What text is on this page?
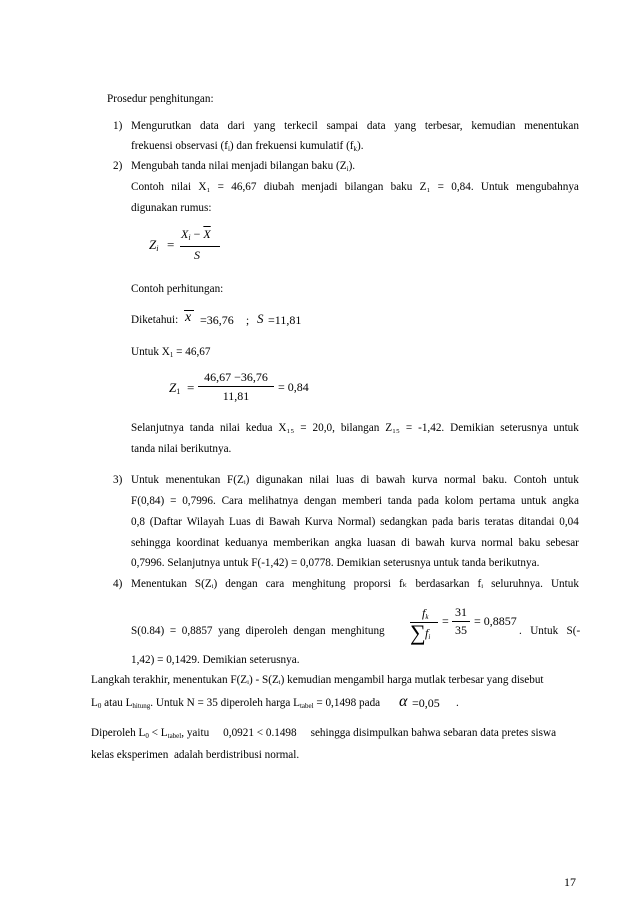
Prosedur penghitungan:
1) Mengurutkan data dari yang terkecil sampai data yang terbesar, kemudian menentukan
frekuensi observasi $(f_i)$ dan frekuensi kumulatif $(f_k)$.
2) Mengubah tanda nilai menjadi bilangan baku $(Z_i)$.
Contoh nilai X₁ = 46,67 diubah menjadi bilangan baku Z₁ = 0,84. Untuk mengubahnya
digunakan rumus:
$Z_i$ =
$X_i - \overline{X}$
S
Contoh perhitungan:
Diketahui: x =36,76 ; S =11,81
Untuk $X_1 = 46,67$
$Z_1$ =
46,67 −36,76
11,81
= 0,84
Selanjutnya tanda nilai kedua X₁₅ = 20,0, bilangan Z₁₅ = -1,42. Demikian seterusnya untuk
tanda nilai berikutnya.
3) Untuk menentukan F(Zᵢ) digunakan nilai luas di bawah kurva normal baku. Contoh untuk
F(0,84) = 0,7996. Cara melihatnya dengan memberi tanda pada kolom pertama untuk angka
0,8 (Daftar Wilayah Luas di Bawah Kurva Normal) sedangkan pada baris teratas ditandai 0,04
sehingga koordinat keduanya memberikan angka luasan di bawah kurva normal baku sebesar
0,7996. Selanjutnya untuk F(-1,42) = 0,0778. Demikian seterusnya untuk tanda berikutnya.
4) Menentukan S(Zᵢ) dengan cara menghitung proporsi fₖ berdasarkan fᵢ seluruhnya. Untuk
S(0.84)  =  0,8857  yang  diperoleh  dengan  menghitung
$f_k$
∑ $f_i$
=
31
35
= 0,8857
.   Untuk   S(-
1,42) = 0,1429. Demikian seterusnya.
Langkah terakhir, menentukan F(Zᵢ) - S(Zᵢ) kemudian mengambil harga mutlak terbesar yang disebut
$L_0$ atau $L_{hitung}$. Untuk N = 35 diperoleh harga $L_{tabel} = 0,1498$ pada α =0,05 .
Diperoleh $L_0 < L_{tabel}$, yaitu     0,0921 < 0.1498     sehingga disimpulkan bahwa sebaran data pretes siswa
kelas eksperimen  adalah berdistribusi normal.
17
